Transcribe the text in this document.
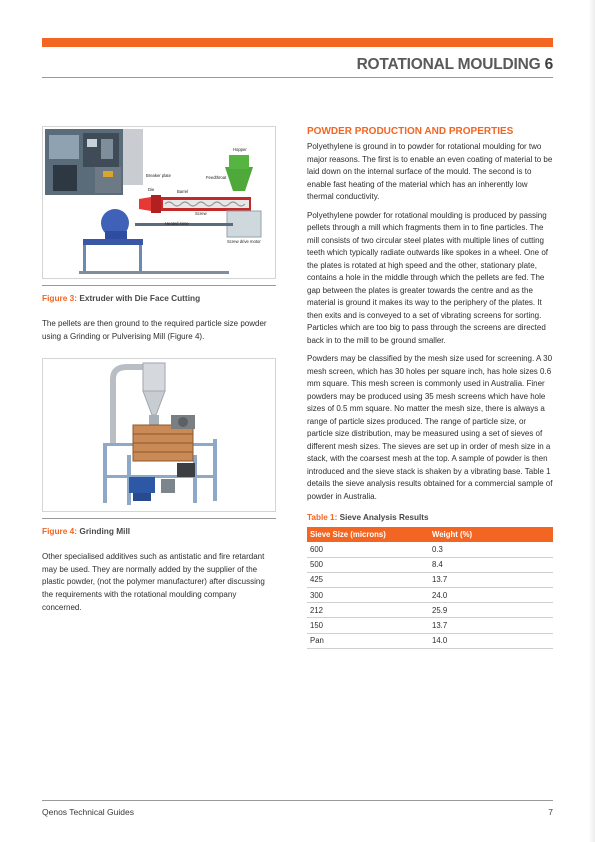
ROTATIONAL MOULDING 6
Breaker plate
Die	Barrel
Feedthroat
Hopper
Screw
Heated zone
Screw drive motor
Figure 3: Extruder with Die Face Cutting

The pellets are then ground to the required particle size powder using a Grinding or Pulverising Mill (Figure 4).

Figure 4: Grinding Mill

Other specialised additives such as antistatic and fire retardant may be used. They are normally added by the supplier of the plastic powder, (not the polymer manufacturer) after discussing the requirements with the rotational moulding company concerned.

POWDER PRODUCTION AND PROPERTIES

Polyethylene is ground in to powder for rotational moulding for two major reasons. The first is to enable an even coating of material to be laid down on the internal surface of the mould. The second is to enable fast heating of the material which has an inherently low thermal conductivity.

Polyethylene powder for rotational moulding is produced by passing pellets through a mill which fragments them in to fine particles. The mill consists of two circular steel plates with multiple lines of cutting teeth which typically radiate outwards like spokes in a wheel. One of the plates is rotated at high speed and the other, stationary plate, contains a hole in the middle through which the pellets are fed. The gap between the plates is greater towards the centre and as the material is ground it makes its way to the periphery of the plates. It then exits and is conveyed to a set of vibrating screens for sorting. Particles which are too big to pass through the screens are directed back in to the mill to be ground smaller.

Powders may be classified by the mesh size used for screening. A 30 mesh screen, which has 30 holes per square inch, has hole sizes 0.6 mm square. This mesh screen is commonly used in Australia. Finer powders may be produced using 35 mesh screens which have hole sizes of 0.5 mm square. No matter the mesh size, there is always a range of particle sizes produced. The range of particle size, or particle size distribution, may be measured using a set of sieves of different mesh sizes. The sieves are set up in order of mesh size in a stack, with the coarsest mesh at the top. A sample of powder is then introduced and the sieve stack is shaken by a vibrating base. Table 1 details the sieve analysis results obtained for a commercial sample of powder in Australia.

Table 1: Sieve Analysis Results
Sieve Size (microns)	Weight (%)
600	0.3
500	8.4
425	13.7
300	24.0
212	25.9
150	13.7
Pan	14.0
Qenos Technical Guides	7
